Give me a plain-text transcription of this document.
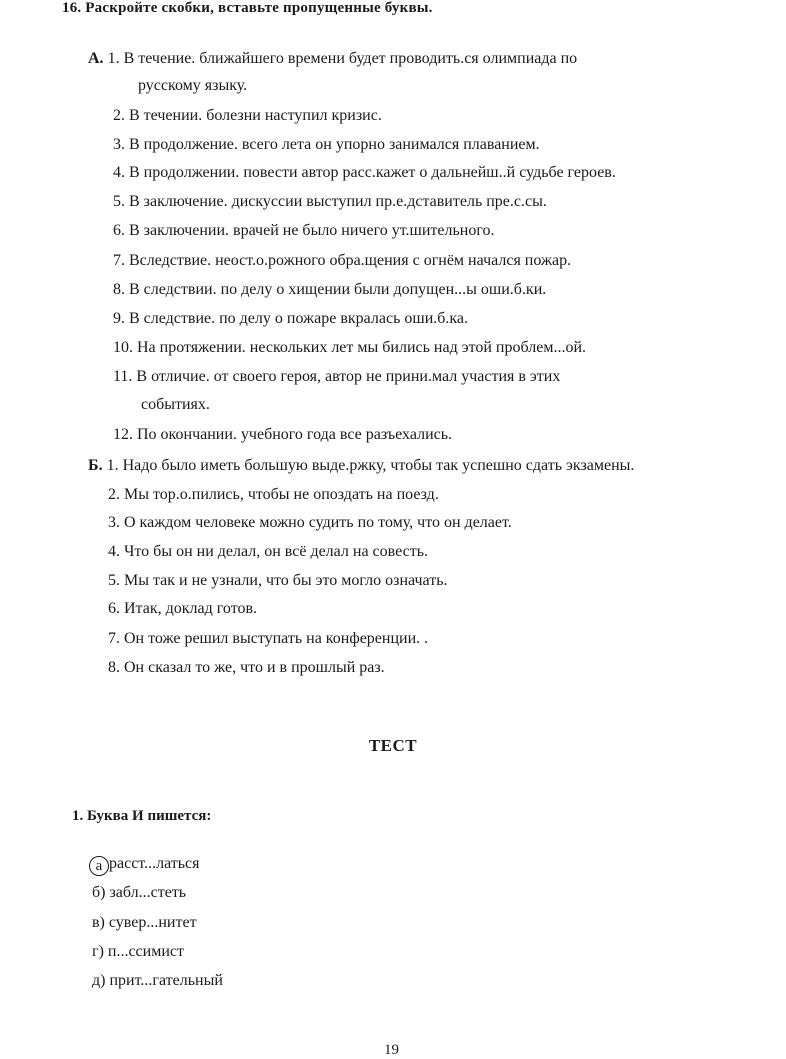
16. Раскройте скобки, вставьте пропущенные буквы.
А. 1. В течение. ближайшего времени будет проводить.ся олимпиада по
русскому языку.
2. В течении. болезни наступил кризис.
3. В продолжение. всего лета он упорно занимался плаванием.
4. В продолжении. повести автор расс.кажет о дальнейш..й судьбе героев.
5. В заключение. дискуссии выступил пр.е.дставитель пре.с.сы.
6. В заключении. врачей не было ничего ут.шительного.
7. Вследствие. неост.о.рожного обра.щения с огнём начался пожар.
8. В следствии. по делу о хищении были допущен...ы оши.б.ки.
9. В следствие. по делу о пожаре вкралась оши.б.ка.
10. На протяжении. нескольких лет мы бились над этой проблем...ой.
11. В отличие. от своего героя, автор не прини.мал участия в этих
событиях.
12. По окончании. учебного года все разъехались.
Б. 1. Надо было иметь большую выде.ржку, чтобы так успешно сдать экзамены.
2. Мы тор.о.пились, чтобы не опоздать на поезд.
3. О каждом человеке можно судить по тому, что он делает.
4. Что бы он ни делал, он всё делал на совесть.
5. Мы так и не узнали, что бы это могло означать.
6. Итак, доклад готов.
7. Он тоже решил выступать на конференции. .
8. Он сказал то же, что и в прошлый раз.
ТЕСТ
1. Буква И пишется:
а расст...латься
б) забл...стеть
в) сувер...нитет
г) п...ссимист
д) прит...гательный
19
